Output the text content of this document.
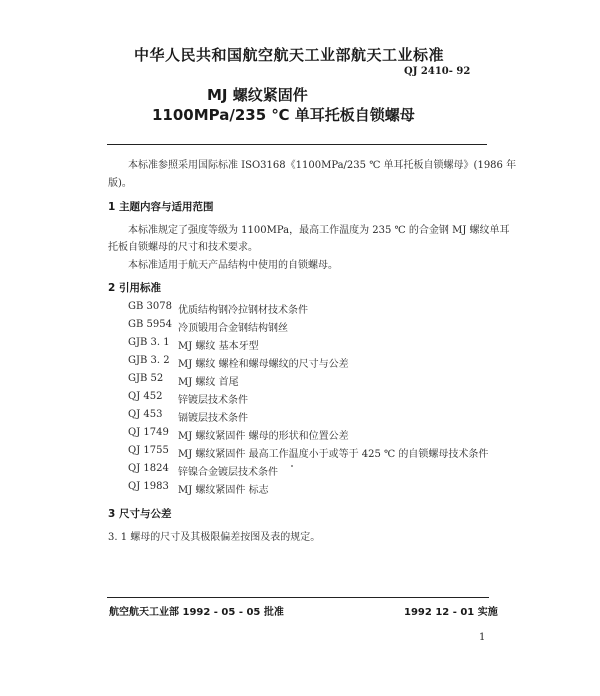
中华人民共和国航空航天工业部航天工业标准
QJ 2410- 92
MJ 螺纹紧固件
1100MPa/235 ℃ 单耳托板自锁螺母
本标准参照采用国际标准 ISO3168《1100MPa/235 ℃ 单耳托板自锁螺母》(1986 年
版)。
1 主题内容与适用范围
本标准规定了强度等级为 1100MPa，最高工作温度为 235 ℃ 的合金钢 MJ 螺纹单耳
托板自锁螺母的尺寸和技术要求。
本标准适用于航天产品结构中使用的自锁螺母。
2 引用标准
GB 3078 优质结构钢冷拉钢材技术条件
GB 5954 冷顶锻用合金钢结构钢丝
GJB 3. 1 MJ 螺纹 基本牙型
GJB 3. 2 MJ 螺纹 螺栓和螺母螺纹的尺寸与公差
GJB 52 MJ 螺纹 首尾
QJ 452 锌镀层技术条件
QJ 453 镉镀层技术条件
QJ 1749 MJ 螺纹紧固件 螺母的形状和位置公差
QJ 1755 MJ 螺纹紧固件 最高工作温度小于或等于 425 ℃ 的自锁螺母技术条件
QJ 1824 锌镍合金镀层技术条件
QJ 1983 MJ 螺纹紧固件 标志
3 尺寸与公差
3. 1 螺母的尺寸及其极限偏差按图及表的规定。
航空航天工业部 1992 - 05 - 05 批准	1992 12 - 01 实施
1
